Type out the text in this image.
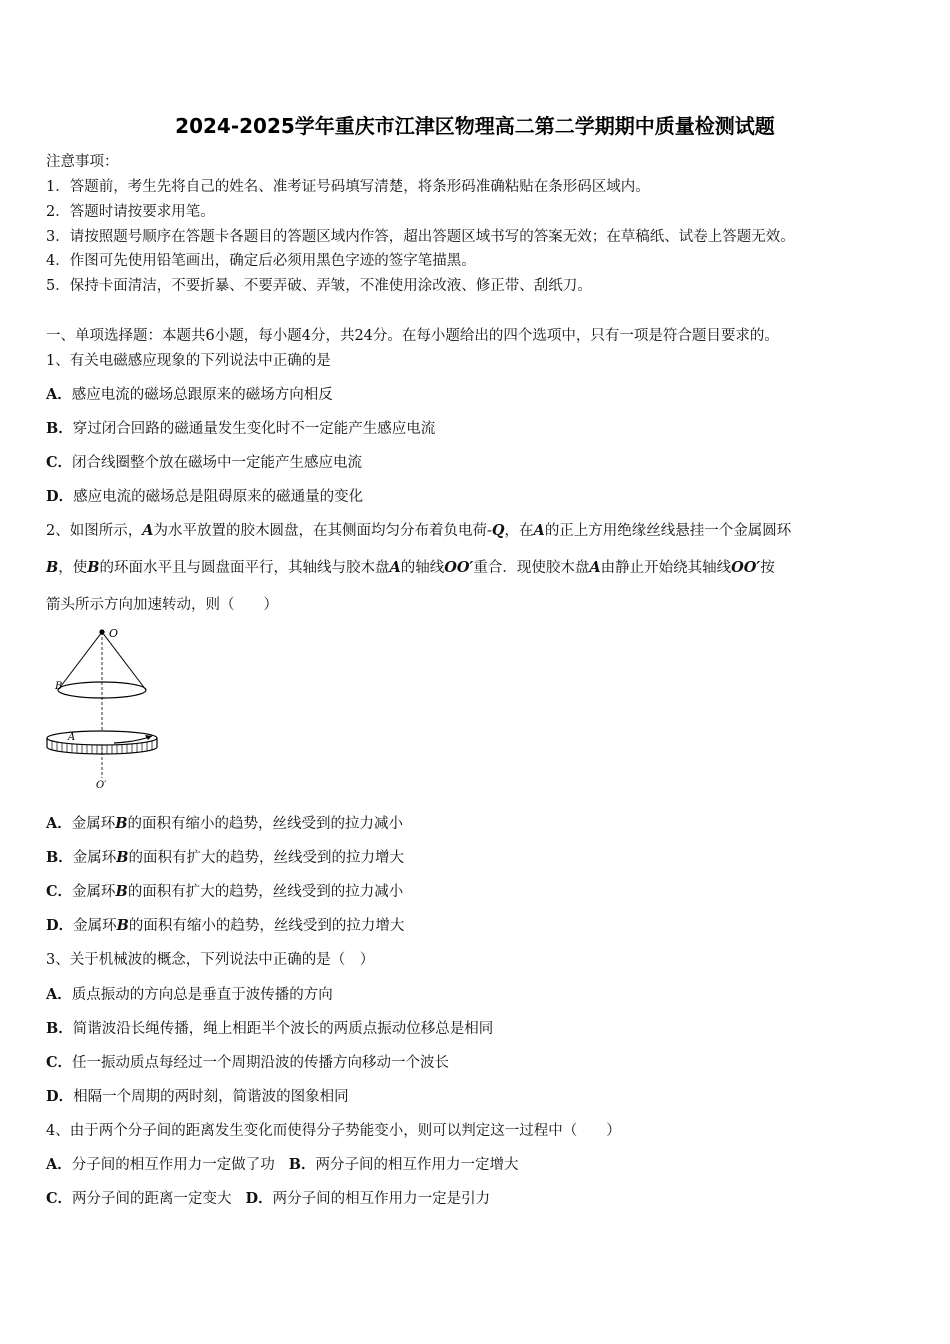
2024-2025学年重庆市江津区物理高二第二学期期中质量检测试题
注意事项：
1．答题前，考生先将自己的姓名、准考证号码填写清楚，将条形码准确粘贴在条形码区域内。
2．答题时请按要求用笔。
3．请按照题号顺序在答题卡各题目的答题区域内作答，超出答题区域书写的答案无效；在草稿纸、试卷上答题无效。
4．作图可先使用铅笔画出，确定后必须用黑色字迹的签字笔描黑。
5．保持卡面清洁，不要折暴、不要弄破、弄皱，不准使用涂改液、修正带、刮纸刀。
一、单项选择题：本题共6小题，每小题4分，共24分。在每小题给出的四个选项中，只有一项是符合题目要求的。
1、有关电磁感应现象的下列说法中正确的是
A．感应电流的磁场总跟原来的磁场方向相反
B．穿过闭合回路的磁通量发生变化时不一定能产生感应电流
C．闭合线圈整个放在磁场中一定能产生感应电流
D．感应电流的磁场总是阻碍原来的磁通量的变化
2、如图所示，A为水平放置的胶木圆盘，在其侧面均匀分布着负电荷-Q，在A的正上方用绝缘丝线悬挂一个金属圆环
B，使B的环面水平且与圆盘面平行，其轴线与胶木盘A的轴线OO′重合．现使胶木盘A由静止开始绕其轴线OO′按
箭头所示方向加速转动，则（　　）
O
B
A
O′
A．金属环B的面积有缩小的趋势，丝线受到的拉力减小
B．金属环B的面积有扩大的趋势，丝线受到的拉力增大
C．金属环B的面积有扩大的趋势，丝线受到的拉力减小
D．金属环B的面积有缩小的趋势，丝线受到的拉力增大
3、关于机械波的概念，下列说法中正确的是（　）
A．质点振动的方向总是垂直于波传播的方向
B．简谐波沿长绳传播，绳上相距半个波长的两质点振动位移总是相同
C．任一振动质点每经过一个周期沿波的传播方向移动一个波长
D．相隔一个周期的两时刻，简谐波的图象相同
4、由于两个分子间的距离发生变化而使得分子势能变小，则可以判定这一过程中（　　）
A．分子间的相互作用力一定做了功 B．两分子间的相互作用力一定增大
C．两分子间的距离一定变大 D．两分子间的相互作用力一定是引力
